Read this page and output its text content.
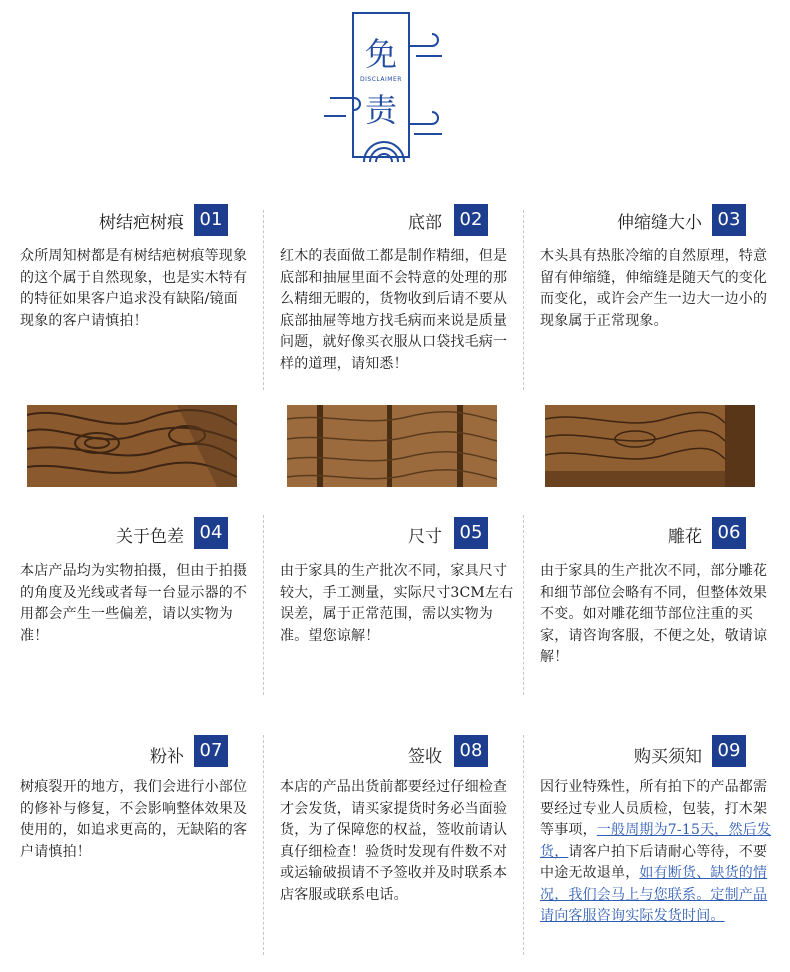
免
DISCLAIMER
责
树结疤树痕 01
众所周知树都是有树结疤树痕等现象的这个属于自然现象，也是实木特有的特征如果客户追求没有缺陷/镜面现象的客户请慎拍！
底部 02
红木的表面做工都是制作精细，但是底部和抽屉里面不会特意的处理的那么精细无暇的，货物收到后请不要从底部抽屉等地方找毛病而来说是质量问题，就好像买衣服从口袋找毛病一样的道理，请知悉！
伸缩缝大小 03
木头具有热胀冷缩的自然原理，特意留有伸缩缝，伸缩缝是随天气的变化而变化，或许会产生一边大一边小的现象属于正常现象。
关于色差 04
本店产品均为实物拍摄，但由于拍摄的角度及光线或者每一台显示器的不用都会产生一些偏差，请以实物为准！
尺寸 05
由于家具的生产批次不同，家具尺寸较大，手工测量，实际尺寸3CM左右误差，属于正常范围，需以实物为准。望您谅解！
雕花 06
由于家具的生产批次不同，部分雕花和细节部位会略有不同，但整体效果不变。如对雕花细节部位注重的买家，请咨询客服，不便之处，敬请谅解！
粉补 07
树痕裂开的地方，我们会进行小部位的修补与修复，不会影响整体效果及使用的，如追求更高的，无缺陷的客户请慎拍！
签收 08
本店的产品出货前都要经过仔细检查才会发货，请买家提货时务必当面验货，为了保障您的权益，签收前请认真仔细检查！验货时发现有件数不对或运输破损请不予签收并及时联系本店客服或联系电话。
购买须知 09
因行业特殊性，所有拍下的产品都需要经过专业人员质检，包装，打木架等事项，一般周期为7-15天，然后发货，请客户拍下后请耐心等待，不要中途无故退单，如有断货、缺货的情况，我们会马上与您联系。定制产品请向客服咨询实际发货时间。
